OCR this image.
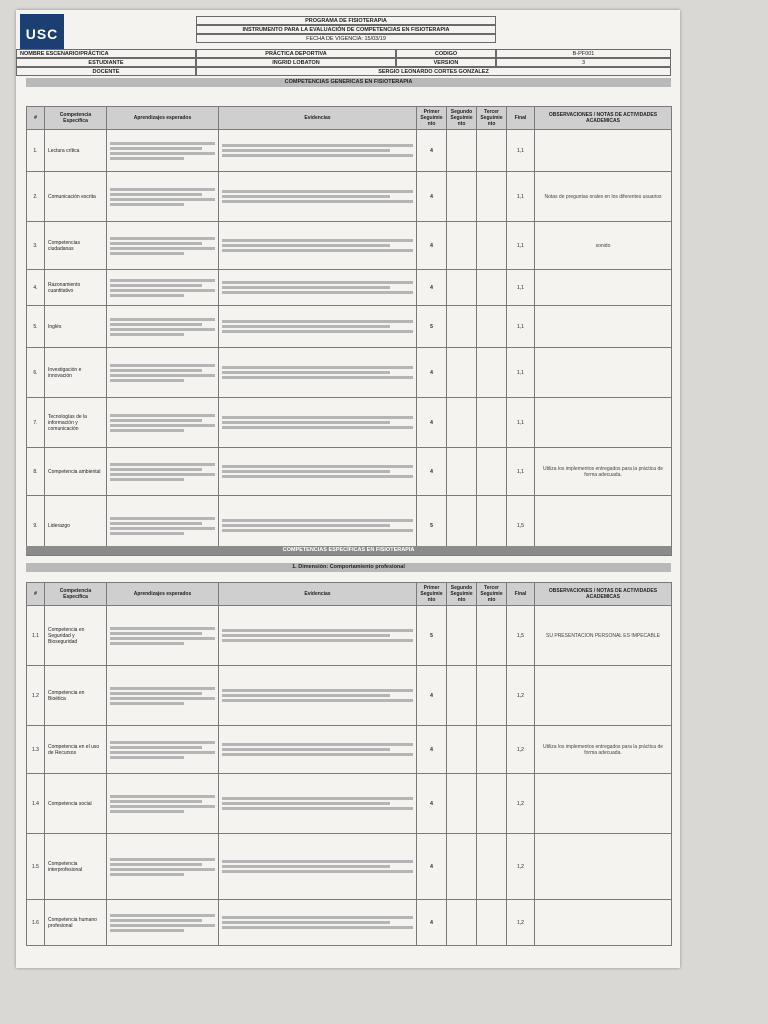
USC
PROGRAMA DE FISIOTERAPIA
INSTRUMENTO PARA LA EVALUACIÓN DE COMPETENCIAS EN FISIOTERAPIA
FECHA DE VIGENCIA: 15/03/19
NOMBRE ESCENARIO/PRÁCTICA	PRÁCTICA DEPORTIVA	CODIGO	B-PF001
ESTUDIANTE	INGRID LOBATON	VERSION	3
DOCENTE	SERGIO LEONARDO CORTES GONZALEZ
COMPETENCIAS GENERICAS EN FISIOTERAPIA
#	Competencia Específica	Aprendizajes esperados	Evidencias	Primer Seguimiento	Segundo Seguimiento	Tercer Seguimiento	Final	OBSERVACIONES / NOTAS DE ACTIVIDADES ACADEMICAS
1.	Lectura crítica			4			1,1	
2.	Comunicación escrita			4			1,1	Notas de preguntas orales en los diferentes usuarios
3.	Competencias ciudadanas			4			1,1	sonido
4.	Razonamiento cuantitativo			4			1,1	
5.	Inglés			5			1,1	
6.	Investigación e innovación			4			1,1	
7.	Tecnologías de la información y comunicación			4			1,1	
8.	Competencia ambiental			4			1,1	Utiliza los implementos entregados para la práctica de forma adecuada.
9.	Liderazgo			5			1,5	
COMPETENCIAS ESPECÍFICAS EN FISIOTERAPIA
1. Dimensión: Comportamiento profesional
#	Competencia Específica	Aprendizajes esperados	Evidencias	Primer Seguimiento	Segundo Seguimiento	Tercer Seguimiento	Final	OBSERVACIONES / NOTAS DE ACTIVIDADES ACADEMICAS
1.1	Competencia en Seguridad y Bioseguridad			5			1,5	SU PRESENTACION PERSONAL ES IMPECABLE
1.2	Competencia en Bioética			4			1,2	
1.3	Competencia en el uso de Recursos			4			1,2	Utiliza los implementos entregados para la práctica de forma adecuada.
1.4	Competencia social			4			1,2	
1.5	Competencia interprofesional			4			1,2	
1.6	Competencia humano profesional			4			1,2	
